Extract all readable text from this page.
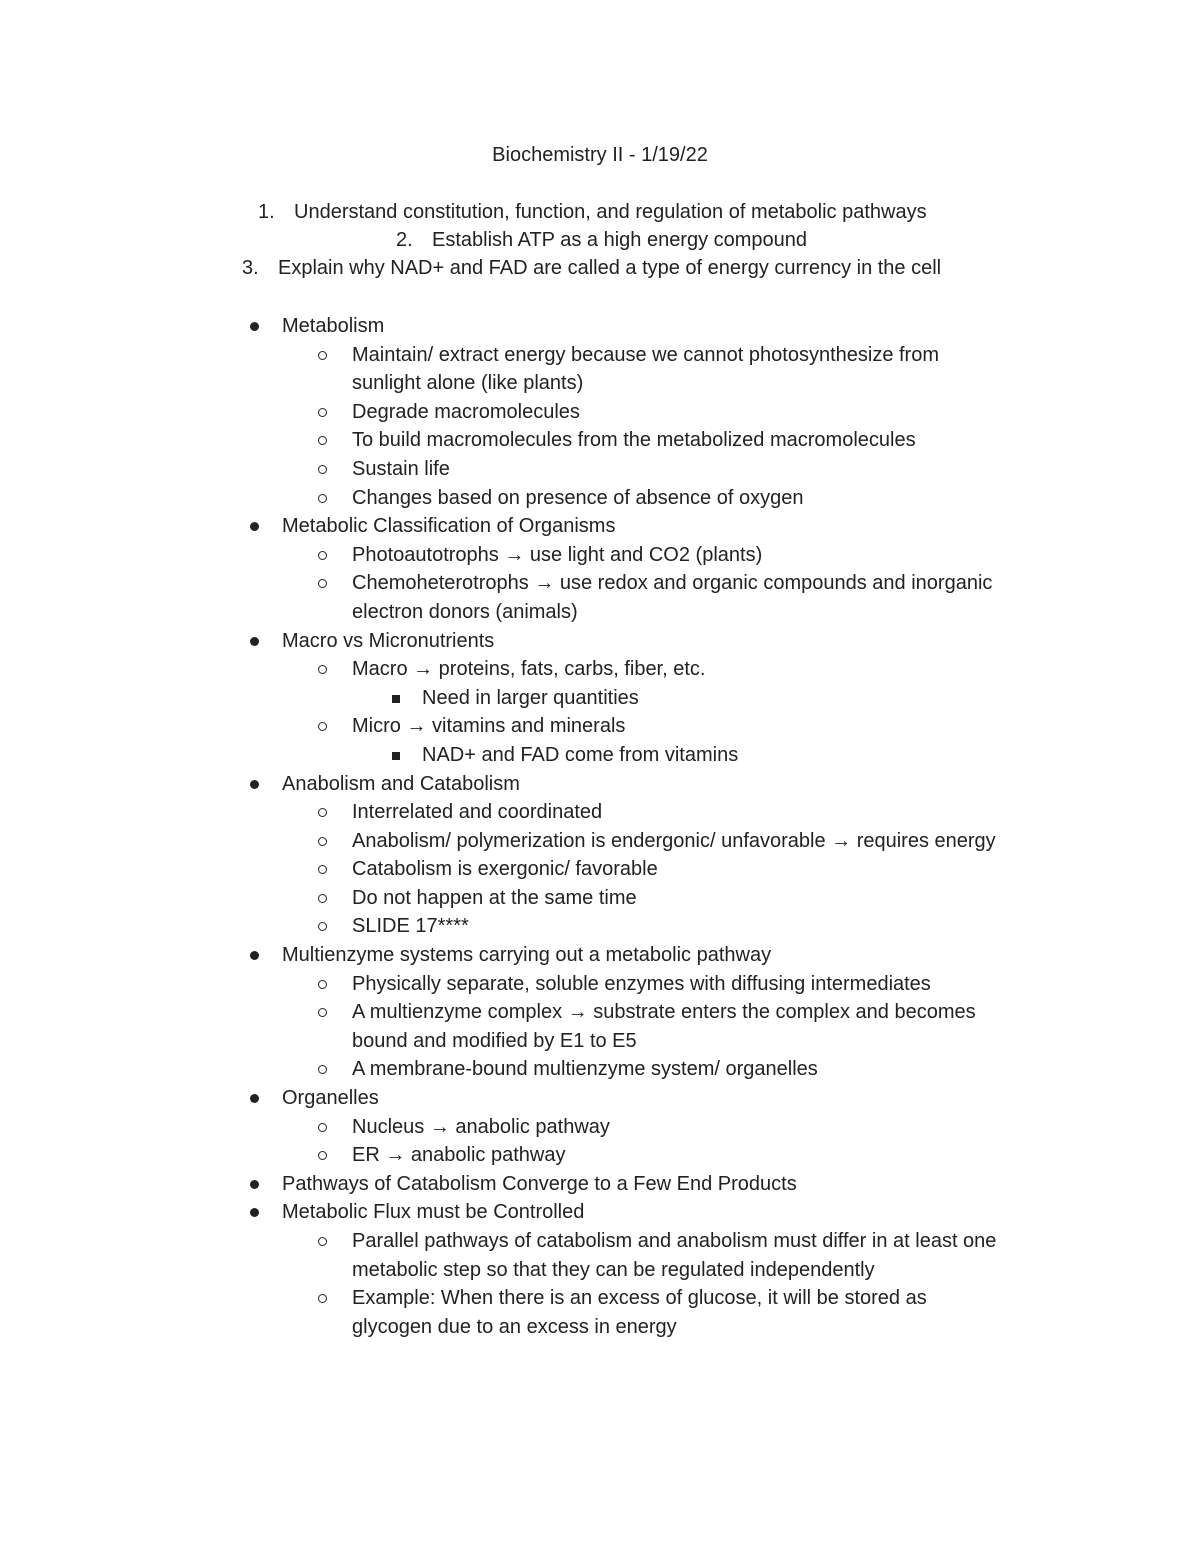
Biochemistry II - 1/19/22
1. Understand constitution, function, and regulation of metabolic pathways
2. Establish ATP as a high energy compound
3. Explain why NAD+ and FAD are called a type of energy currency in the cell
Metabolism
Maintain/ extract energy because we cannot photosynthesize from
sunlight alone (like plants)
Degrade macromolecules
To build macromolecules from the metabolized macromolecules
Sustain life
Changes based on presence of absence of oxygen
Metabolic Classification of Organisms
Photoautotrophs → use light and CO2 (plants)
Chemoheterotrophs → use redox and organic compounds and inorganic
electron donors (animals)
Macro vs Micronutrients
Macro → proteins, fats, carbs, fiber, etc.
Need in larger quantities
Micro → vitamins and minerals
NAD+ and FAD come from vitamins
Anabolism and Catabolism
Interrelated and coordinated
Anabolism/ polymerization is endergonic/ unfavorable → requires energy
Catabolism is exergonic/ favorable
Do not happen at the same time
SLIDE 17****
Multienzyme systems carrying out a metabolic pathway
Physically separate, soluble enzymes with diffusing intermediates
A multienzyme complex → substrate enters the complex and becomes
bound and modified by E1 to E5
A membrane-bound multienzyme system/ organelles
Organelles
Nucleus → anabolic pathway
ER → anabolic pathway
Pathways of Catabolism Converge to a Few End Products
Metabolic Flux must be Controlled
Parallel pathways of catabolism and anabolism must differ in at least one
metabolic step so that they can be regulated independently
Example: When there is an excess of glucose, it will be stored as
glycogen due to an excess in energy
